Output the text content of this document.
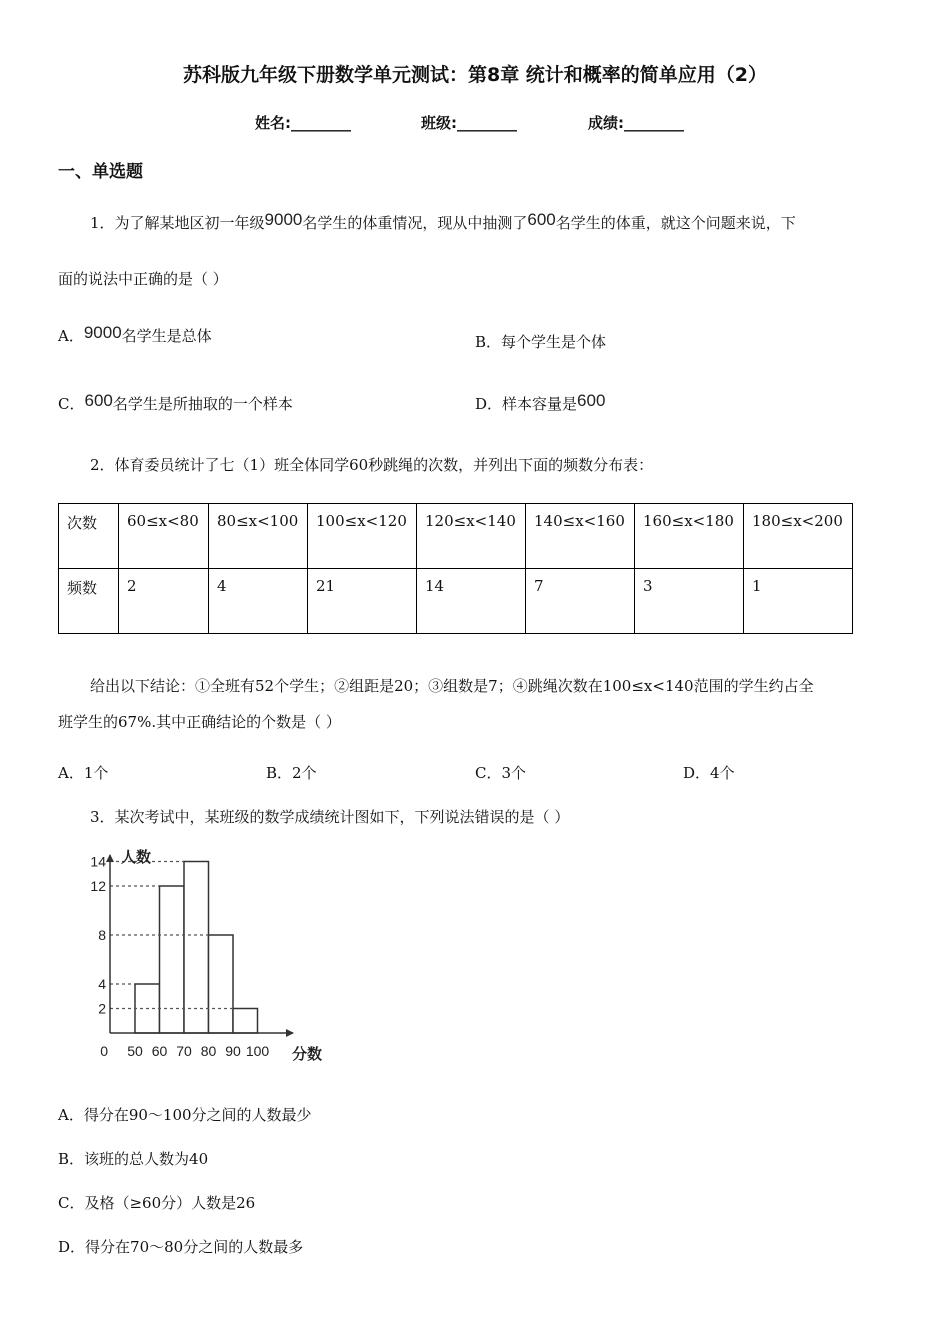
苏科版九年级下册数学单元测试：第8章 统计和概率的简单应用（2）
姓名:________	班级:________	成绩:________
一、单选题
1．为了解某地区初一年级9000名学生的体重情况，现从中抽测了600名学生的体重，就这个问题来说，下
面的说法中正确的是（ ）
A．9000名学生是总体	B．每个学生是个体
C．600名学生是所抽取的一个样本	D．样本容量是600
2．体育委员统计了七（1）班全体同学60秒跳绳的次数，并列出下面的频数分布表：
次数	60≤x<80	80≤x<100	100≤x<120	120≤x<140	140≤x<160	160≤x<180	180≤x<200
频数	2	4	21	14	7	3	1
给出以下结论：①全班有52个学生；②组距是20；③组数是7；④跳绳次数在100≤x<140范围的学生约占全
班学生的67%.其中正确结论的个数是（ ）
A．1个	B．2个	C．3个	D．4个
3．某次考试中，某班级的数学成绩统计图如下，下列说法错误的是（ ）
人数
分数
0 50 60 70 80 90 100
2
4
8
12
14
A．得分在90～100分之间的人数最少
B．该班的总人数为40
C．及格（≥60分）人数是26
D．得分在70～80分之间的人数最多
